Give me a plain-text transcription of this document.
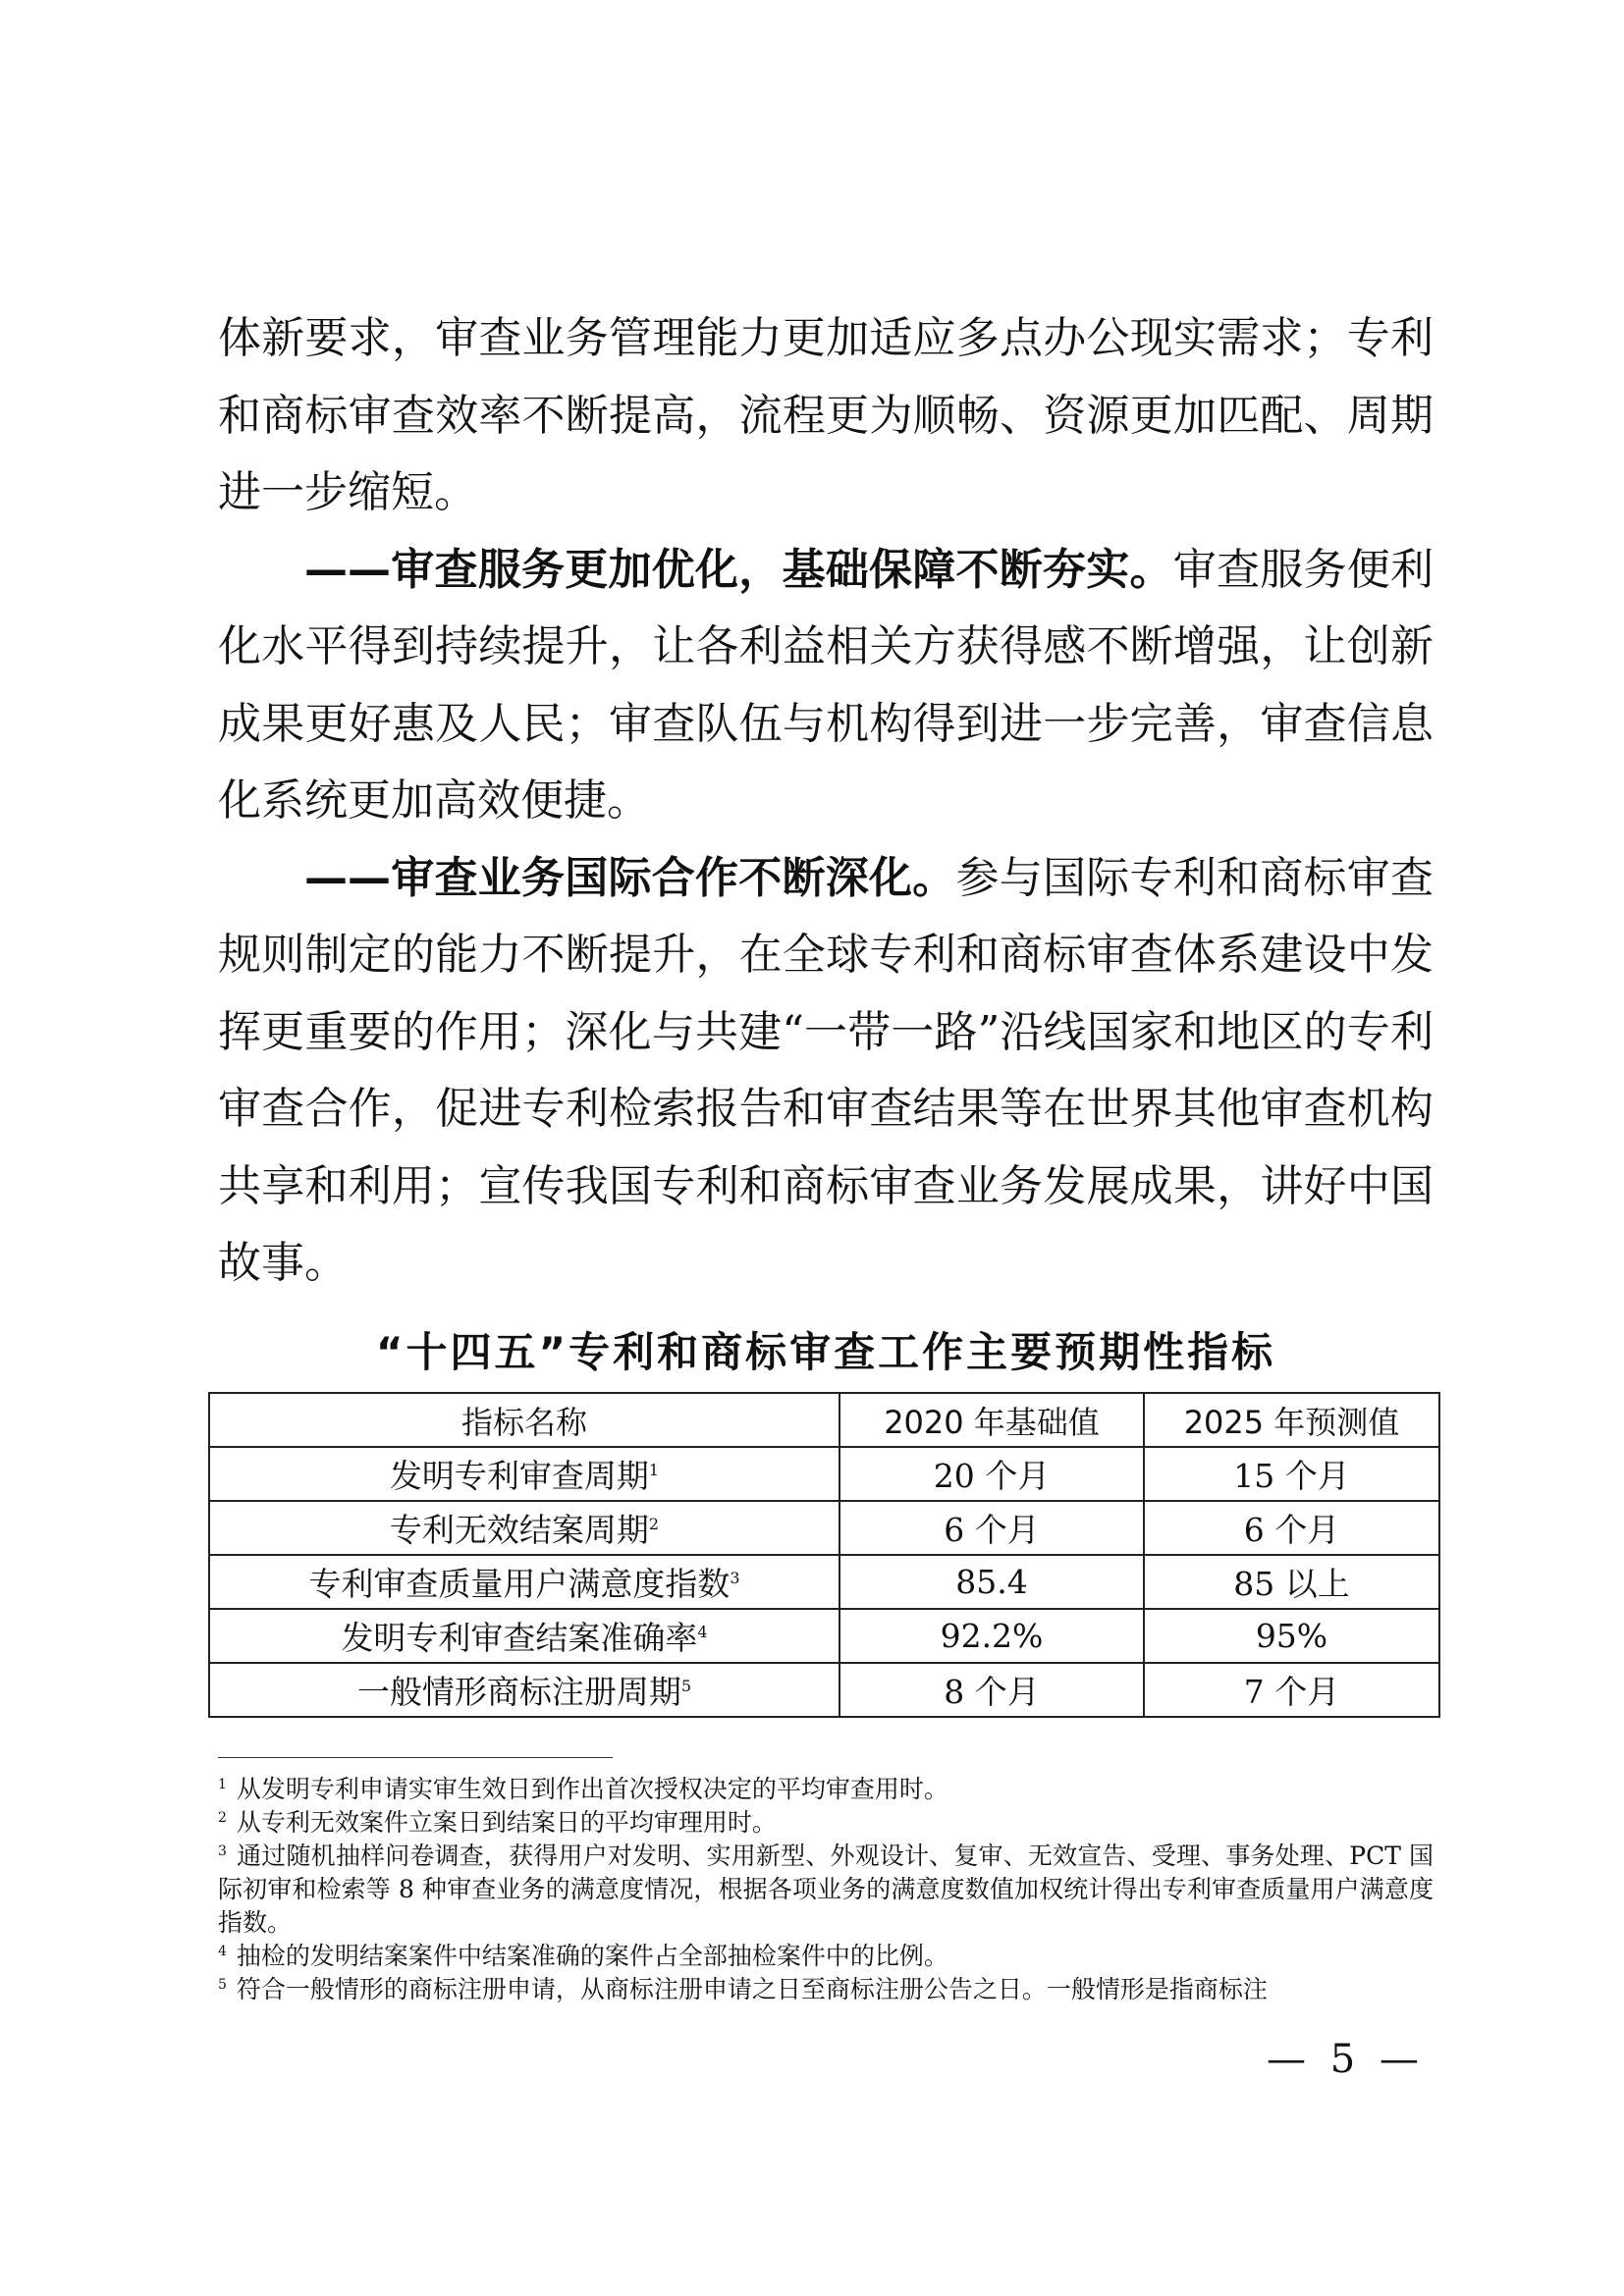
体新要求，审查业务管理能力更加适应多点办公现实需求；专利和商标审查效率不断提高，流程更为顺畅、资源更加匹配、周期进一步缩短。

——审查服务更加优化，基础保障不断夯实。审查服务便利化水平得到持续提升，让各利益相关方获得感不断增强，让创新成果更好惠及人民；审查队伍与机构得到进一步完善，审查信息化系统更加高效便捷。

——审查业务国际合作不断深化。参与国际专利和商标审查规则制定的能力不断提升，在全球专利和商标审查体系建设中发挥更重要的作用；深化与共建“一带一路”沿线国家和地区的专利审查合作，促进专利检索报告和审查结果等在世界其他审查机构共享和利用；宣传我国专利和商标审查业务发展成果，讲好中国故事。

“十四五”专利和商标审查工作主要预期性指标
指标名称	2020 年基础值	2025 年预测值
发明专利审查周期$^1$	20 个月	15 个月
专利无效结案周期$^2$	6 个月	6 个月
专利审查质量用户满意度指数$^3$	85.4	85 以上
发明专利审查结案准确率$^4$	92.2%	95%
一般情形商标注册周期$^5$	8 个月	7 个月

$^1$ 从发明专利申请实审生效日到作出首次授权决定的平均审查用时。

$^2$ 从专利无效案件立案日到结案日的平均审理用时。

$^3$ 通过随机抽样问卷调查，获得用户对发明、实用新型、外观设计、复审、无效宣告、受理、事务处理、PCT 国际初审和检索等 8 种审查业务的满意度情况，根据各项业务的满意度数值加权统计得出专利审查质量用户满意度指数。

$^4$ 抽检的发明结案案件中结案准确的案件占全部抽检案件中的比例。

$^5$ 符合一般情形的商标注册申请，从商标注册申请之日至商标注册公告之日。一般情形是指商标注

— 5 —
